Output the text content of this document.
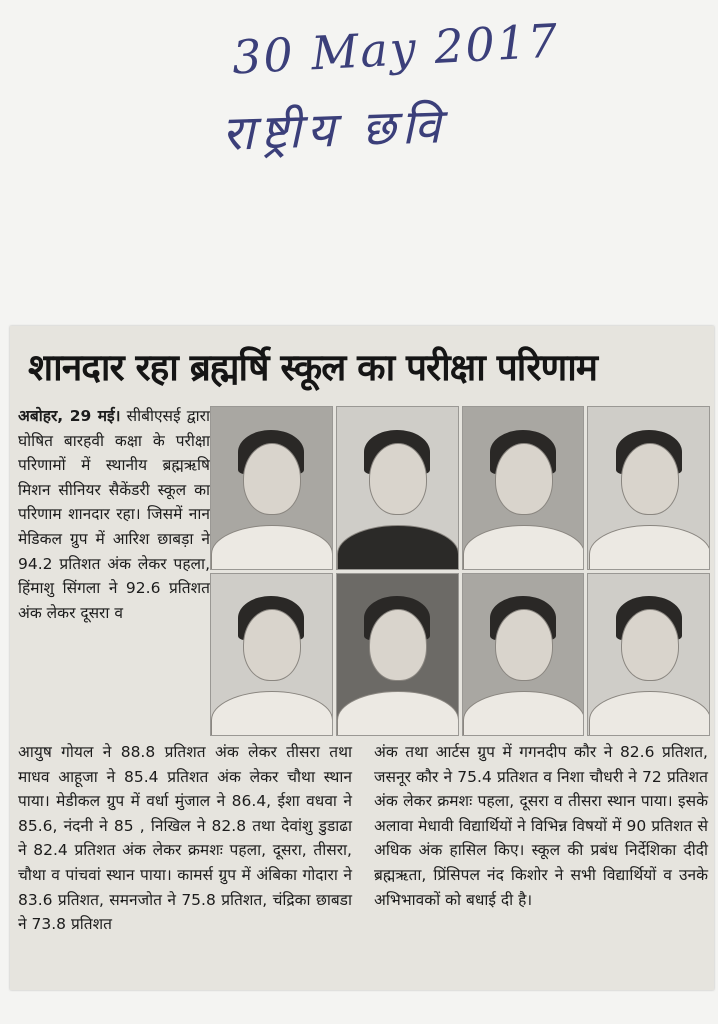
30 May 2017
राष्ट्रीय छवि
शानदार रहा ब्रह्मर्षि स्कूल का परीक्षा परिणाम

अबोहर, 29 मई। सीबीएसई द्वारा घोषित बारहवी कक्षा के परीक्षा परिणामों में स्थानीय ब्रह्मऋषि मिशन सीनियर सैकेंडरी स्कूल का परिणाम शानदार रहा। जिसमें नान मेडिकल ग्रुप में आरिश छाबड़ा ने 94.2 प्रतिशत अंक लेकर पहला, हिंमाशु सिंगला ने 92.6 प्रतिशत अंक लेकर दूसरा व

आयुष गोयल ने 88.8 प्रतिशत अंक लेकर तीसरा तथा माधव आहूजा ने 85.4 प्रतिशत अंक लेकर चौथा स्थान पाया। मेडीकल ग्रुप में वर्धा मुंजाल ने 86.4, ईशा वधवा ने 85.6, नंदनी ने 85 , निखिल ने 82.8 तथा देवांशु डुडाढा ने 82.4 प्रतिशत अंक लेकर क्रमशः पहला, दूसरा, तीसरा, चौथा व पांचवां स्थान पाया। कामर्स ग्रुप में अंबिका गोदारा ने 83.6 प्रतिशत, समनजोत ने 75.8 प्रतिशत, चंद्रिका छाबडा ने 73.8 प्रतिशत

अंक तथा आर्टस ग्रुप में गगनदीप कौर ने 82.6 प्रतिशत, जसनूर कौर ने 75.4 प्रतिशत व निशा चौधरी ने 72 प्रतिशत अंक लेकर क्रमशः पहला, दूसरा व तीसरा स्थान पाया। इसके अलावा मेधावी विद्यार्थियों ने विभिन्न विषयों में 90 प्रतिशत से अधिक अंक हासिल किए। स्कूल की प्रबंध निर्देशिका दीदी ब्रह्मऋता, प्रिंसिपल नंद किशोर ने सभी विद्यार्थियों व उनके अभिभावकों को बधाई दी है।
